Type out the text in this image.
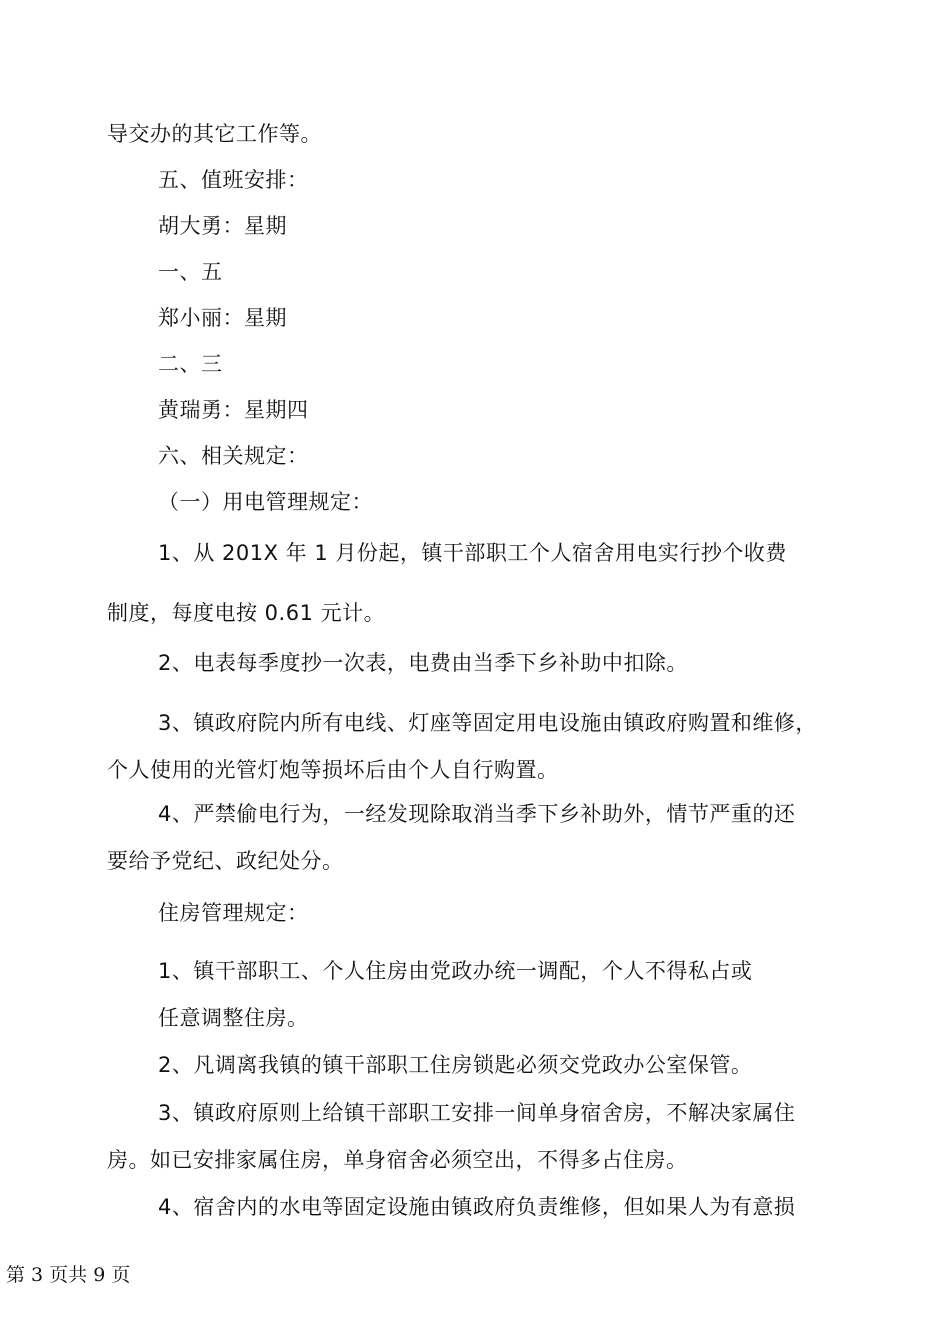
导交办的其它工作等。
五、值班安排：
胡大勇：星期
一、五
郑小丽：星期
二、三
黄瑞勇：星期四
六、相关规定：
（一）用电管理规定：
1、从 201X 年 1 月份起，镇干部职工个人宿舍用电实行抄个收费
制度，每度电按 0.61 元计。
2、电表每季度抄一次表，电费由当季下乡补助中扣除。
3、镇政府院内所有电线、灯座等固定用电设施由镇政府购置和维修，
个人使用的光管灯炮等损坏后由个人自行购置。
4、严禁偷电行为，一经发现除取消当季下乡补助外，情节严重的还
要给予党纪、政纪处分。
住房管理规定：
1、镇干部职工、个人住房由党政办统一调配，个人不得私占或
任意调整住房。
2、凡调离我镇的镇干部职工住房锁匙必须交党政办公室保管。
3、镇政府原则上给镇干部职工安排一间单身宿舍房，不解决家属住
房。如已安排家属住房，单身宿舍必须空出，不得多占住房。
4、宿舍内的水电等固定设施由镇政府负责维修，但如果人为有意损
第 3 页共 9 页
